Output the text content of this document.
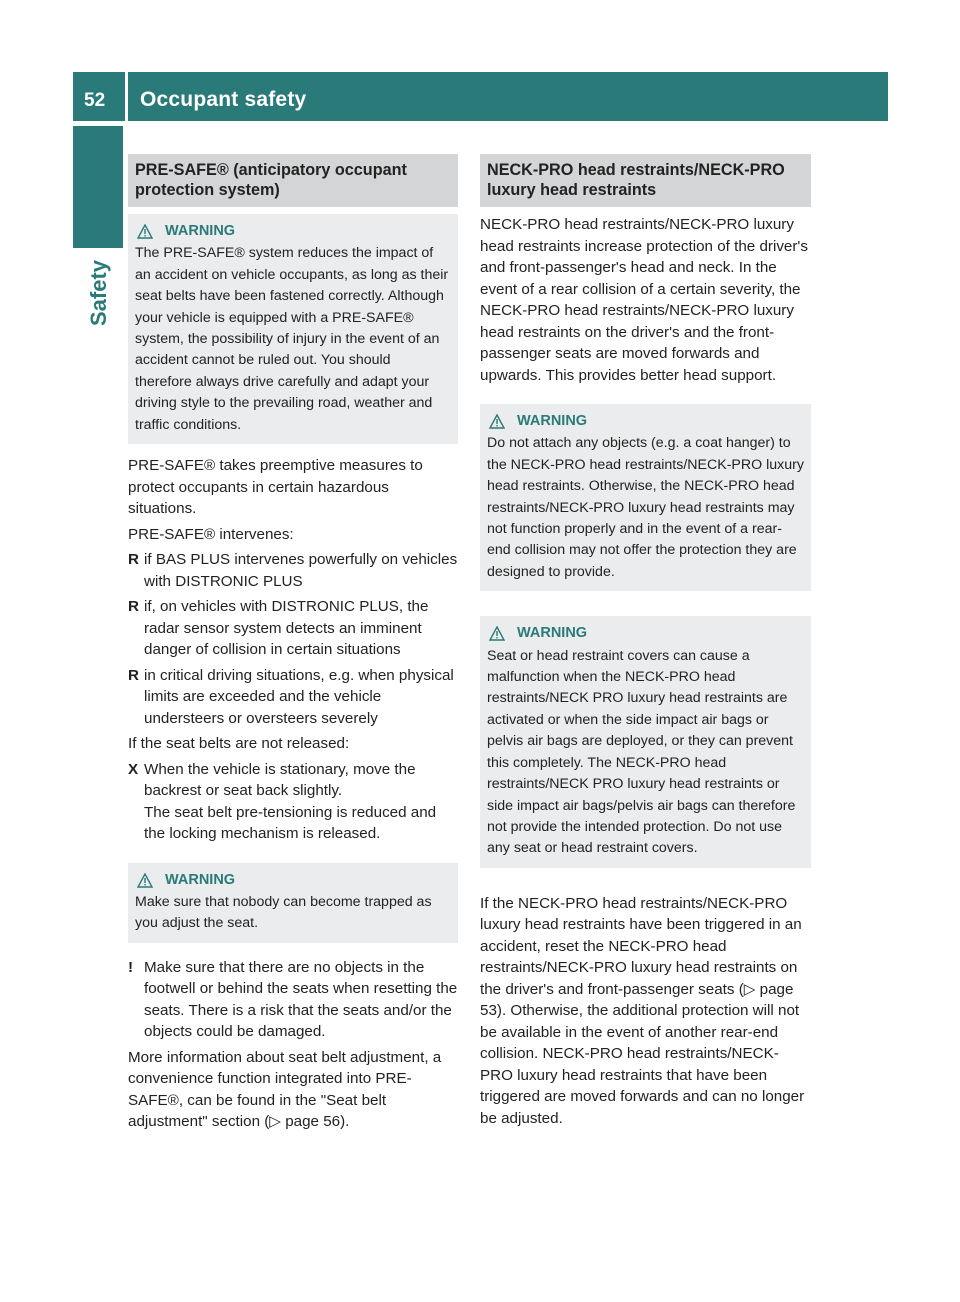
52 Occupant safety
Safety
PRE-SAFE® (anticipatory occupant protection system)
WARNING
The PRE-SAFE® system reduces the impact of an accident on vehicle occupants, as long as their seat belts have been fastened correctly. Although your vehicle is equipped with a PRE-SAFE® system, the possibility of injury in the event of an accident cannot be ruled out. You should therefore always drive carefully and adapt your driving style to the prevailing road, weather and traffic conditions.

PRE-SAFE® takes preemptive measures to protect occupants in certain hazardous situations.

PRE-SAFE® intervenes:

R if BAS PLUS intervenes powerfully on vehicles with DISTRONIC PLUS
R if, on vehicles with DISTRONIC PLUS, the radar sensor system detects an imminent danger of collision in certain situations
R in critical driving situations, e.g. when physical limits are exceeded and the vehicle understeers or oversteers severely

If the seat belts are not released:

X When the vehicle is stationary, move the backrest or seat back slightly.
The seat belt pre-tensioning is reduced and the locking mechanism is released.
WARNING
Make sure that nobody can become trapped as you adjust the seat.
! Make sure that there are no objects in the footwell or behind the seats when resetting the seats. There is a risk that the seats and/or the objects could be damaged.

More information about seat belt adjustment, a convenience function integrated into PRE-SAFE®, can be found in the "Seat belt adjustment" section (▷ page 56).

NECK-PRO head restraints/NECK-PRO luxury head restraints

NECK-PRO head restraints/NECK-PRO luxury head restraints increase protection of the driver's and front-passenger's head and neck. In the event of a rear collision of a certain severity, the NECK-PRO head restraints/NECK-PRO luxury head restraints on the driver's and the front-passenger seats are moved forwards and upwards. This provides better head support.

WARNING
Do not attach any objects (e.g. a coat hanger) to the NECK-PRO head restraints/NECK-PRO luxury head restraints. Otherwise, the NECK-PRO head restraints/NECK-PRO luxury head restraints may not function properly and in the event of a rear-end collision may not offer the protection they are designed to provide.
WARNING
Seat or head restraint covers can cause a malfunction when the NECK-PRO head restraints/NECK PRO luxury head restraints are activated or when the side impact air bags or pelvis air bags are deployed, or they can prevent this completely. The NECK-PRO head restraints/NECK PRO luxury head restraints or side impact air bags/pelvis air bags can therefore not provide the intended protection. Do not use any seat or head restraint covers.

If the NECK-PRO head restraints/NECK-PRO luxury head restraints have been triggered in an accident, reset the NECK-PRO head restraints/NECK-PRO luxury head restraints on the driver's and front-passenger seats (▷ page 53). Otherwise, the additional protection will not be available in the event of another rear-end collision. NECK-PRO head restraints/NECK-PRO luxury head restraints that have been triggered are moved forwards and can no longer be adjusted.
